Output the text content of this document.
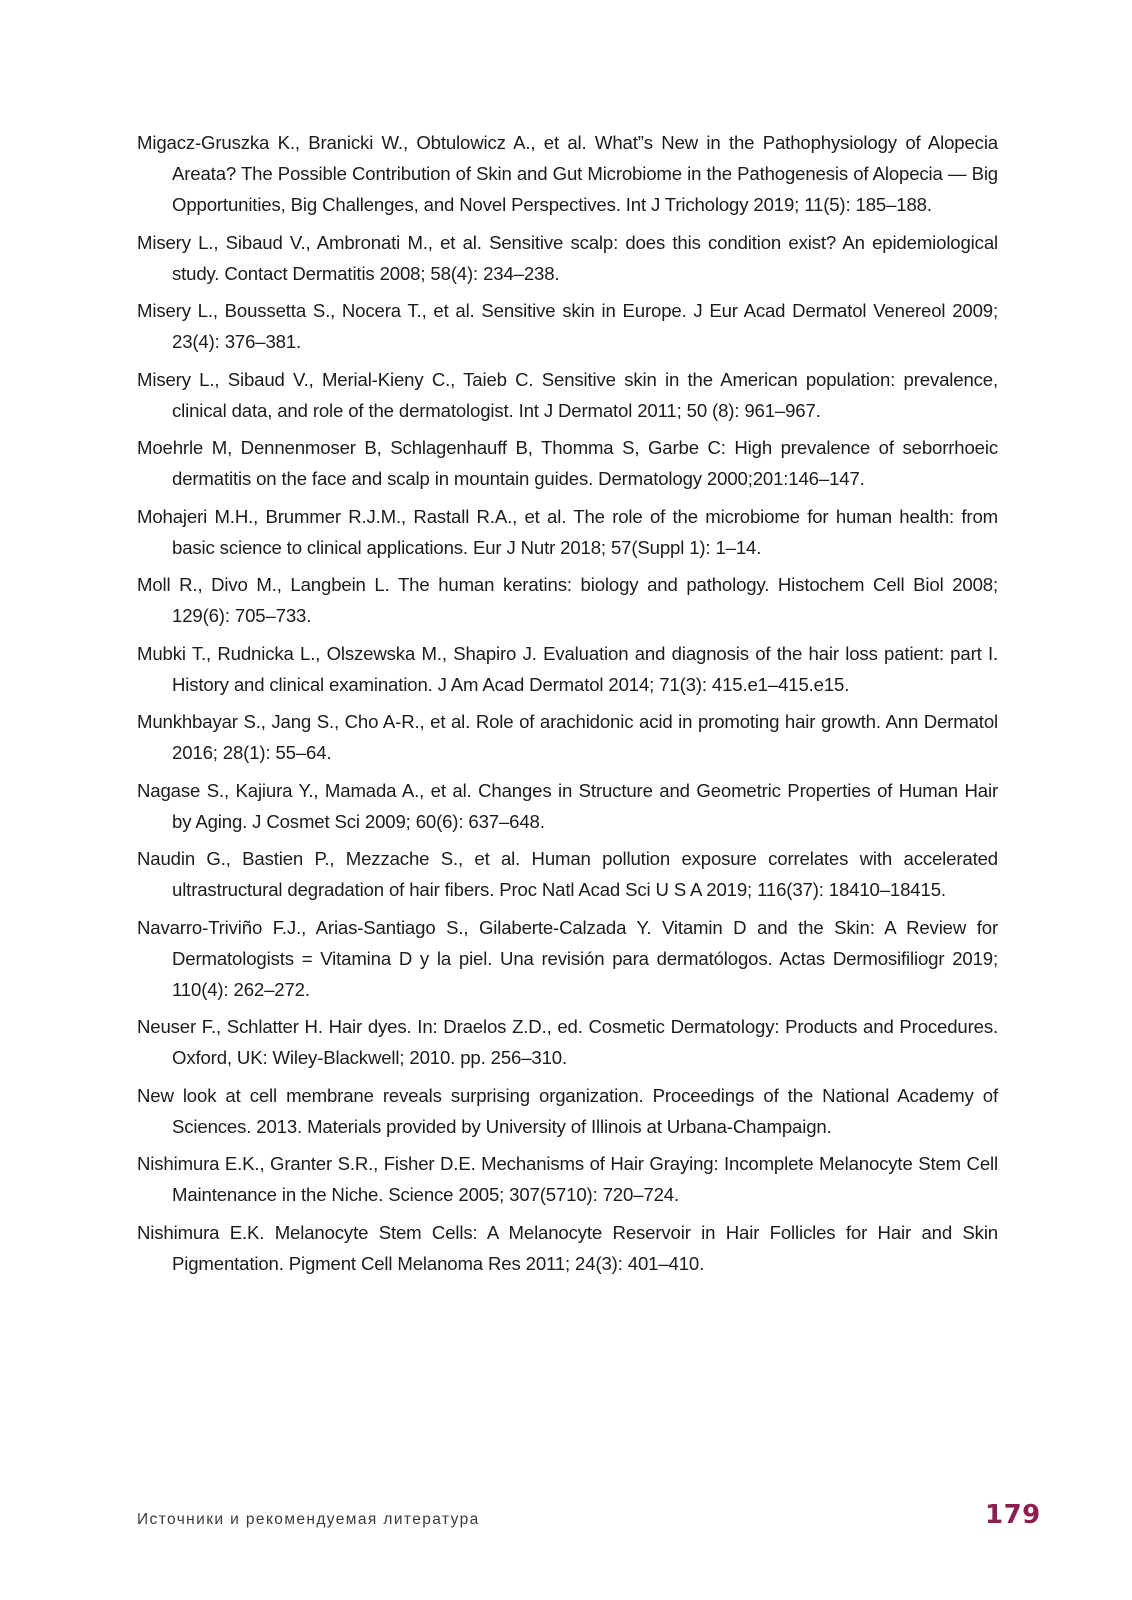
Migacz-Gruszka K., Branicki W., Obtulowicz A., et al. What”s New in the Pathophysiology of Alopecia Areata? The Possible Contribution of Skin and Gut Microbiome in the Pathogenesis of Alopecia — Big Opportunities, Big Challenges, and Novel Perspectives. Int J Trichology 2019; 11(5): 185–188.
Misery L., Sibaud V., Ambronati M., et al. Sensitive scalp: does this condition exist? An epidemiological study. Contact Dermatitis 2008; 58(4): 234–238.
Misery L., Boussetta S., Nocera T., et al. Sensitive skin in Europe. J Eur Acad Dermatol Venereol 2009; 23(4): 376–381.
Misery L., Sibaud V., Merial-Kieny C., Taieb C. Sensitive skin in the American population: prevalence, clinical data, and role of the dermatologist. Int J Dermatol 2011; 50 (8): 961–967.
Moehrle M, Dennenmoser B, Schlagenhauff B, Thomma S, Garbe C: High prevalence of seborrhoeic dermatitis on the face and scalp in mountain guides. Dermatology 2000;201:146–147.
Mohajeri M.H., Brummer R.J.M., Rastall R.A., et al. The role of the microbiome for human health: from basic science to clinical applications. Eur J Nutr 2018; 57(Suppl 1): 1–14.
Moll R., Divo M., Langbein L. The human keratins: biology and pathology. Histochem Cell Biol 2008; 129(6): 705–733.
Mubki T., Rudnicka L., Olszewska M., Shapiro J. Evaluation and diagnosis of the hair loss patient: part I. History and clinical examination. J Am Acad Dermatol 2014; 71(3): 415.e1–415.e15.
Munkhbayar S., Jang S., Cho A-R., et al. Role of arachidonic acid in promoting hair growth. Ann Dermatol 2016; 28(1): 55–64.
Nagase S., Kajiura Y., Mamada A., et al. Changes in Structure and Geometric Properties of Human Hair by Aging. J Cosmet Sci 2009; 60(6): 637–648.
Naudin G., Bastien P., Mezzache S., et al. Human pollution exposure correlates with accelerated ultrastructural degradation of hair fibers. Proc Natl Acad Sci U S A 2019; 116(37): 18410–18415.
Navarro-Triviño F.J., Arias-Santiago S., Gilaberte-Calzada Y. Vitamin D and the Skin: A Review for Dermatologists = Vitamina D y la piel. Una revisión para dermatólogos. Actas Dermosifiliogr 2019; 110(4): 262–272.
Neuser F., Schlatter H. Hair dyes. In: Draelos Z.D., ed. Cosmetic Dermatology: Products and Procedures. Oxford, UK: Wiley-Blackwell; 2010. pp. 256–310.
New look at cell membrane reveals surprising organization. Proceedings of the National Academy of Sciences. 2013. Materials provided by University of Illinois at Urbana-Champaign.
Nishimura E.K., Granter S.R., Fisher D.E. Mechanisms of Hair Graying: Incomplete Melanocyte Stem Cell Maintenance in the Niche. Science 2005; 307(5710): 720–724.
Nishimura E.K. Melanocyte Stem Cells: A Melanocyte Reservoir in Hair Follicles for Hair and Skin Pigmentation. Pigment Cell Melanoma Res 2011; 24(3): 401–410.
Источники и рекомендуемая литература	179
